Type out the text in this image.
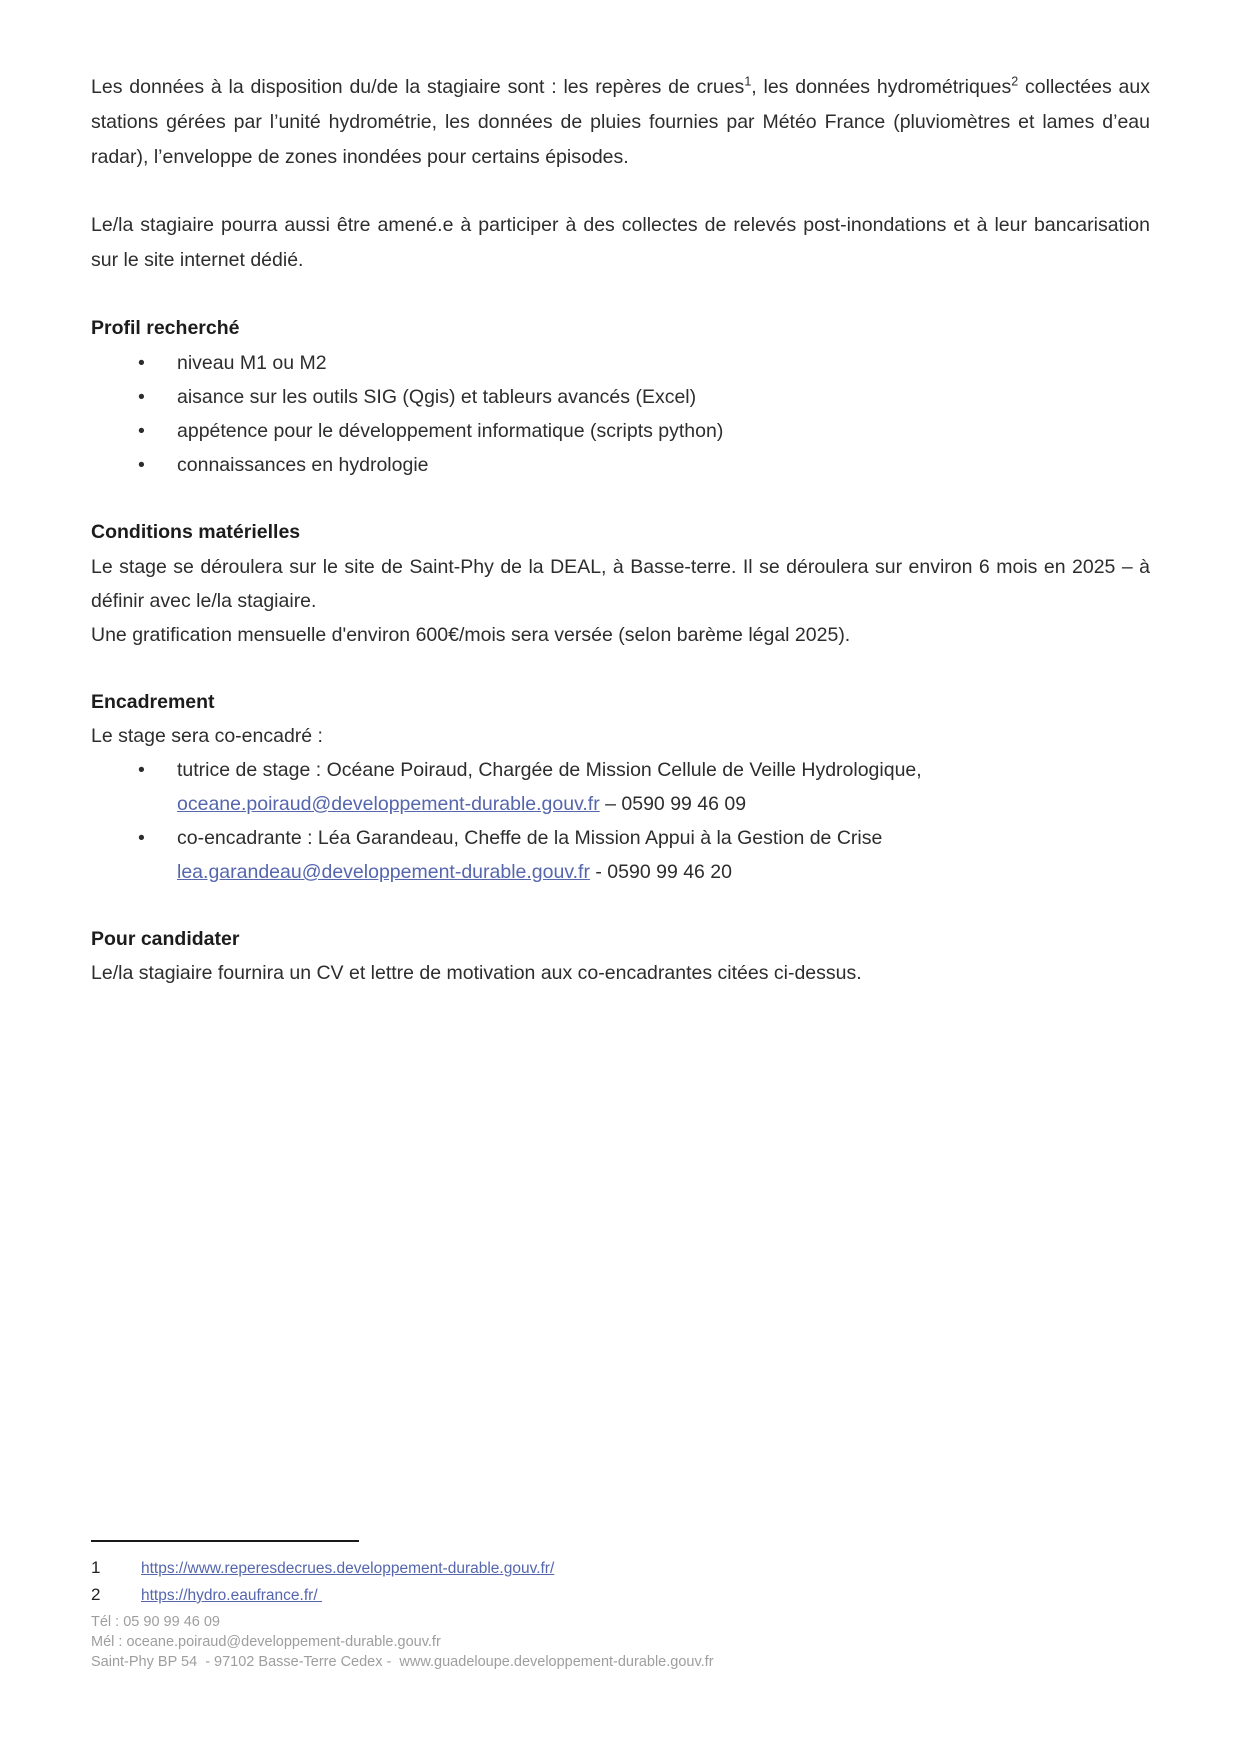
Les données à la disposition du/de la stagiaire sont : les repères de crues$^1$, les données hydrométriques$^2$ collectées aux stations gérées par l’unité hydrométrie, les données de pluies fournies par Météo France (pluviomètres et lames d’eau radar), l’enveloppe de zones inondées pour certains épisodes.

Le/la stagiaire pourra aussi être amené.e à participer à des collectes de relevés post-inondations et à leur bancarisation sur le site internet dédié.

Profil recherché
• niveau M1 ou M2
• aisance sur les outils SIG (Qgis) et tableurs avancés (Excel)
• appétence pour le développement informatique (scripts python)
• connaissances en hydrologie
Conditions matérielles

Le stage se déroulera sur le site de Saint-Phy de la DEAL, à Basse-terre. Il se déroulera sur environ 6 mois en 2025 – à définir avec le/la stagiaire.

Une gratification mensuelle d'environ 600€/mois sera versée (selon barème légal 2025).

Encadrement

Le stage sera co-encadré :

• tutrice de stage : Océane Poiraud, Chargée de Mission Cellule de Veille Hydrologique, oceane.poiraud@developpement-durable.gouv.fr – 0590 99 46 09
• co-encadrante : Léa Garandeau, Cheffe de la Mission Appui à la Gestion de Crise lea.garandeau@developpement-durable.gouv.fr - 0590 99 46 20
Pour candidater

Le/la stagiaire fournira un CV et lettre de motivation aux co-encadrantes citées ci-dessus.

1	https://www.reperesdecrues.developpement-durable.gouv.fr/
2	https://hydro.eaufrance.fr/
Tél : 05 90 99 46 09
Mél : oceane.poiraud@developpement-durable.gouv.fr
Saint-Phy BP 54  - 97102 Basse-Terre Cedex -  www.guadeloupe.developpement-durable.gouv.fr
